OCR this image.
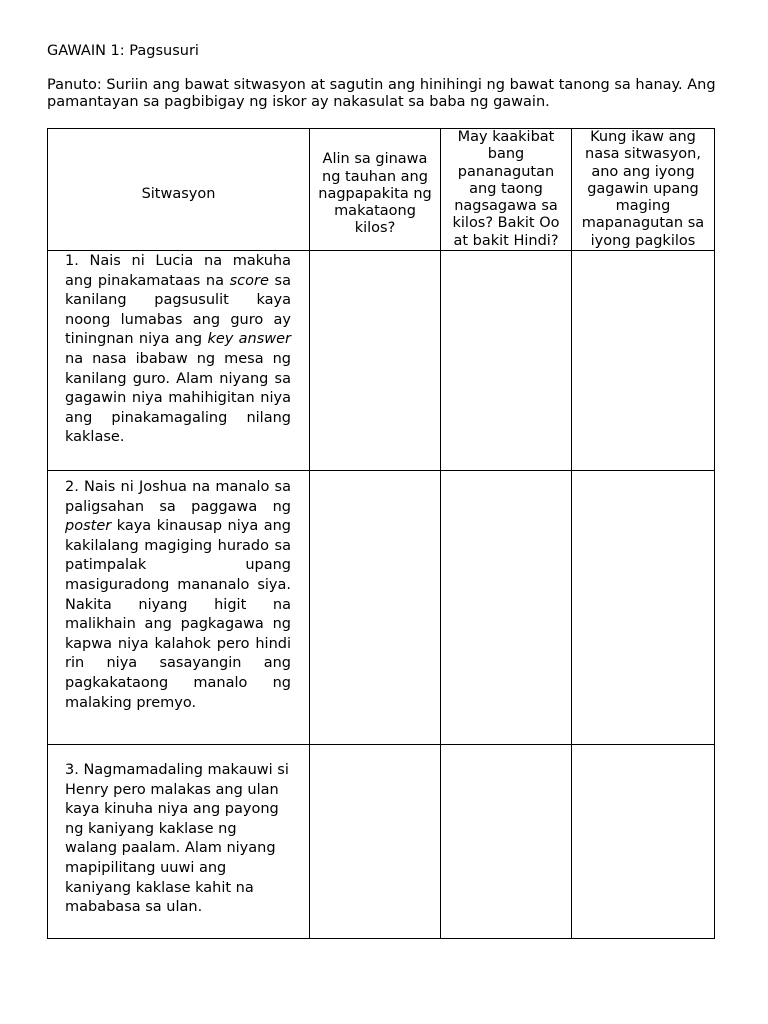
GAWAIN 1: Pagsusuri

Panuto: Suriin ang bawat sitwasyon at sagutin ang hinihingi ng bawat tanong sa hanay. Ang pamantayan sa pagbibigay ng iskor ay nakasulat sa baba ng gawain.

Sitwasyon	Alin sa ginawa ng tauhan ang nagpapakita ng makataong kilos?	May kaakibat bang pananagutan ang taong nagsagawa sa kilos? Bakit Oo at bakit Hindi?	Kung ikaw ang nasa sitwasyon, ano ang iyong gagawin upang maging mapanagutan sa iyong pagkilos

1. Nais ni Lucia na makuha ang pinakamataas na score sa kanilang pagsusulit kaya noong lumabas ang guro ay tiningnan niya ang key answer na nasa ibabaw ng mesa ng kanilang guro. Alam niyang sa gagawin niya mahihigitan niya ang pinakamagaling nilang kaklase.			

2. Nais ni Joshua na manalo sa paligsahan sa paggawa ng poster kaya kinausap niya ang kakilalang magiging hurado sa patimpalak upang masiguradong mananalo siya. Nakita niyang higit na malikhain ang pagkagawa ng kapwa niya kalahok pero hindi rin niya sasayangin ang pagkakataong manalo ng malaking premyo.			

3. Nagmamadaling makauwi si Henry pero malakas ang ulan kaya kinuha niya ang payong ng kaniyang kaklase ng walang paalam. Alam niyang mapipilitang uuwi ang kaniyang kaklase kahit na mababasa sa ulan.			
